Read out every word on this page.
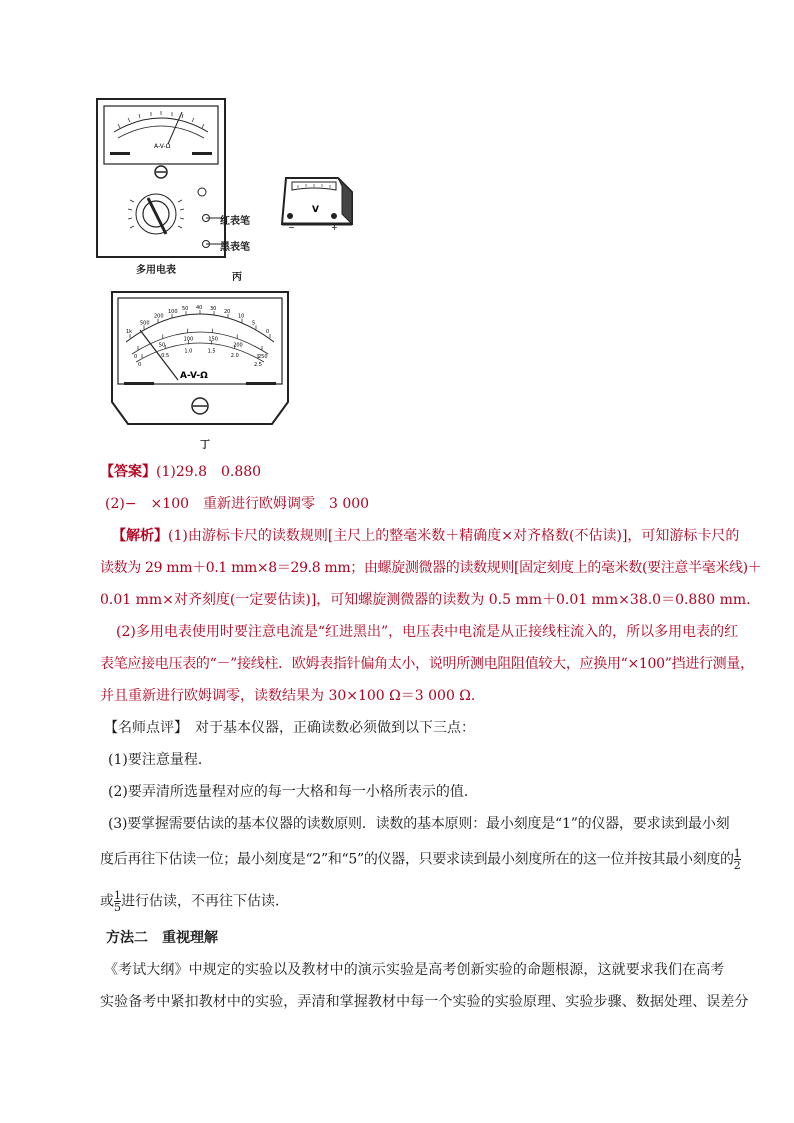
A-V-Ω
多用电表
红表笔
黑表笔
丙
V
−	+
1k
500
200
100 50 40 30 20
10
5
0
0
50
100	150
200
250
0
0.5
1.0	1.5
2.0
2.5
A-V-Ω
丁
【答案】(1)29.8　0.880
(2)−　×100　重新进行欧姆调零　3 000
【解析】(1)由游标卡尺的读数规则[主尺上的整毫米数＋精确度×对齐格数(不估读)]，可知游标卡尺的
读数为 29 mm＋0.1 mm×8＝29.8 mm；由螺旋测微器的读数规则[固定刻度上的毫米数(要注意半毫米线)＋
0.01 mm×对齐刻度(一定要估读)]，可知螺旋测微器的读数为 0.5 mm＋0.01 mm×38.0＝0.880 mm.
(2)多用电表使用时要注意电流是“红进黑出”，电压表中电流是从正接线柱流入的，所以多用电表的红
表笔应接电压表的“－”接线柱．欧姆表指针偏角太小，说明所测电阻阻值较大，应换用“×100”挡进行测量，
并且重新进行欧姆调零，读数结果为 30×100 Ω＝3 000 Ω.
【名师点评】　对于基本仪器，正确读数必须做到以下三点：
(1)要注意量程．
(2)要弄清所选量程对应的每一大格和每一小格所表示的值．
(3)要掌握需要估读的基本仪器的读数原则．读数的基本原则：最小刻度是“1”的仪器，要求读到最小刻
度后再往下估读一位；最小刻度是“2”和“5”的仪器，只要求读到最小刻度所在的这一位并按其最小刻度的 $\frac{1}{2}$
或 $\frac{1}{5}$ 进行估读，不再往下估读．
方法二　重视理解
《考试大纲》中规定的实验以及教材中的演示实验是高考创新实验的命题根源，这就要求我们在高考
实验备考中紧扣教材中的实验，弄清和掌握教材中每一个实验的实验原理、实验步骤、数据处理、误差分
